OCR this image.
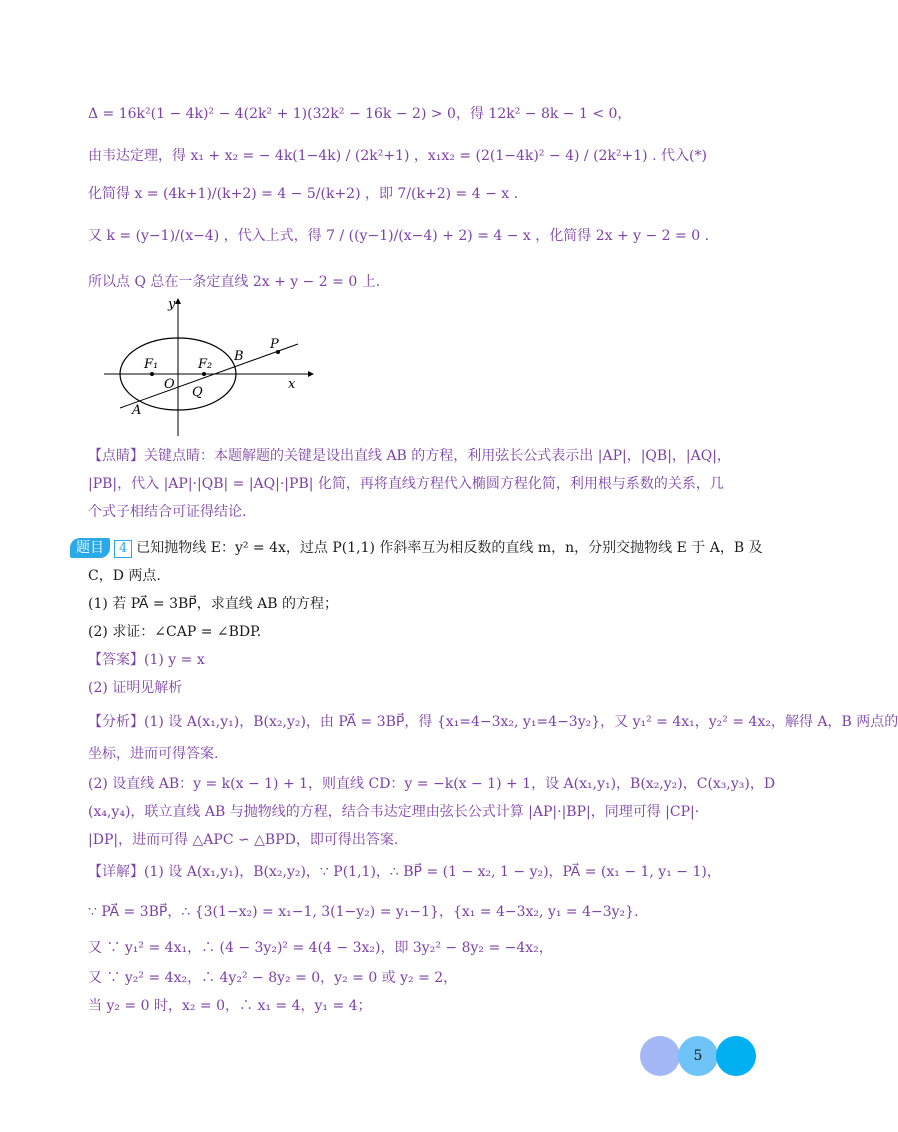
Δ = 16k²(1 − 4k)² − 4(2k² + 1)(32k² − 16k − 2) > 0，得 12k² − 8k − 1 < 0，
由韦达定理，得 x₁ + x₂ = − 4k(1−4k) / (2k²+1) ，x₁x₂ = (2(1−4k)² − 4) / (2k²+1) . 代入(*)
化简得 x = (4k+1)/(k+2) = 4 − 5/(k+2) ，即 7/(k+2) = 4 − x .
又 k = (y−1)/(x−4) ，代入上式，得 7 / ((y−1)/(x−4) + 2) = 4 − x ，化简得 2x + y − 2 = 0 .
所以点 Q 总在一条定直线 2x + y − 2 = 0 上.
y
x
O
F₁	F₂
B
P
Q
A
【点睛】关键点睛：本题解题的关键是设出直线 AB 的方程，利用弦长公式表示出 |AP|，|QB|，|AQ|，
|PB|，代入 |AP|·|QB| = |AQ|·|PB| 化简，再将直线方程代入椭圆方程化简，利用根与系数的关系，几
个式子相结合可证得结论.
题目 4 已知抛物线 E：y² = 4x，过点 P(1,1) 作斜率互为相反数的直线 m，n，分别交抛物线 E 于 A，B 及
C，D 两点.
(1) 若 PA⃗ = 3BP⃗，求直线 AB 的方程；
(2) 求证：∠CAP = ∠BDP.
【答案】(1) y = x
(2) 证明见解析
【分析】(1) 设 A(x₁,y₁)，B(x₂,y₂)，由 PA⃗ = 3BP⃗，得 {x₁=4−3x₂, y₁=4−3y₂}，又 y₁² = 4x₁，y₂² = 4x₂，解得 A，B 两点的
坐标，进而可得答案.
(2) 设直线 AB：y = k(x − 1) + 1，则直线 CD：y = −k(x − 1) + 1，设 A(x₁,y₁)，B(x₂,y₂)，C(x₃,y₃)，D
(x₄,y₄)，联立直线 AB 与抛物线的方程，结合韦达定理由弦长公式计算 |AP|·|BP|，同理可得 |CP|·
|DP|，进而可得 △APC ∽ △BPD，即可得出答案.
【详解】(1) 设 A(x₁,y₁)，B(x₂,y₂)，∵ P(1,1)，∴ BP⃗ = (1 − x₂, 1 − y₂)，PA⃗ = (x₁ − 1, y₁ − 1)，
∵ PA⃗ = 3BP⃗，∴ {3(1−x₂) = x₁−1, 3(1−y₂) = y₁−1}，{x₁ = 4−3x₂, y₁ = 4−3y₂}.
又 ∵ y₁² = 4x₁，∴ (4 − 3y₂)² = 4(4 − 3x₂)，即 3y₂² − 8y₂ = −4x₂，
又 ∵ y₂² = 4x₂，∴ 4y₂² − 8y₂ = 0，y₂ = 0 或 y₂ = 2，
当 y₂ = 0 时，x₂ = 0，∴ x₁ = 4，y₁ = 4；
5
